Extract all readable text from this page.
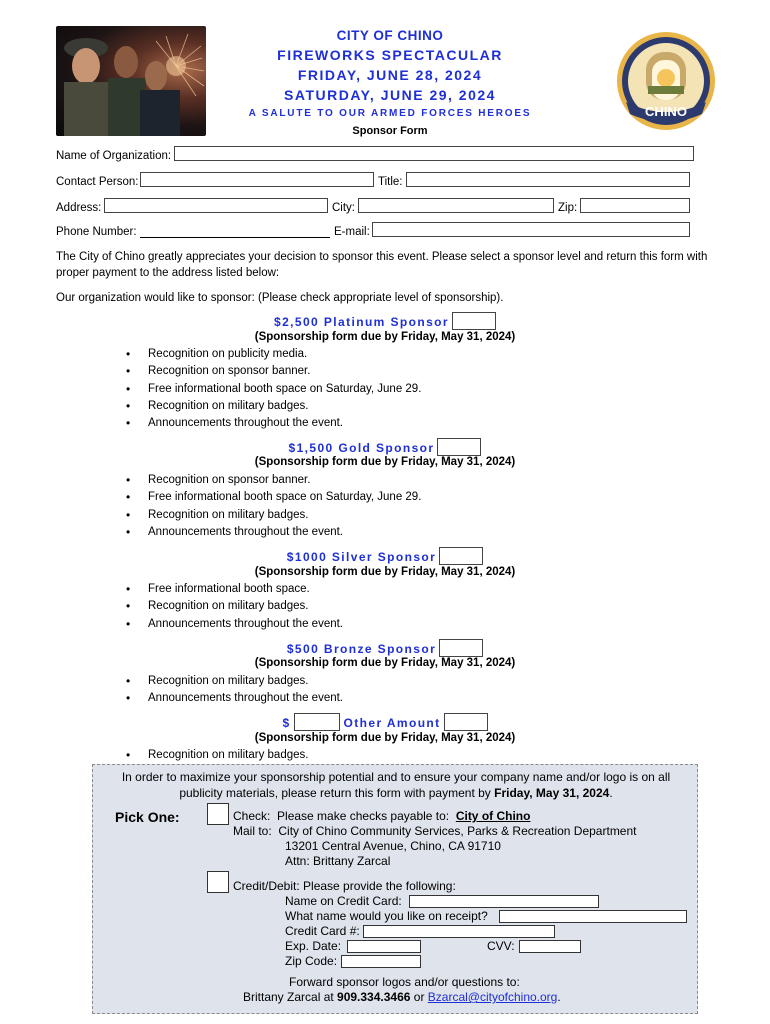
CHINO
CITY OF CHINO
FIREWORKS SPECTACULAR
FRIDAY, JUNE 28, 2024
SATURDAY, JUNE 29, 2024
A SALUTE TO OUR ARMED FORCES HEROES
Sponsor Form
Name of Organization:
Contact Person:	Title:
Address:	City:	Zip:
Phone Number:	E-mail:
The City of Chino greatly appreciates your decision to sponsor this event. Please select a sponsor level and return this form with proper payment to the address listed below:
Our organization would like to sponsor: (Please check appropriate level of sponsorship).
$2,500 Platinum Sponsor
(Sponsorship form due by Friday, May 31, 2024)
• Recognition on publicity media.
• Recognition on sponsor banner.
• Free informational booth space on Saturday, June 29.
• Recognition on military badges.
• Announcements throughout the event.
$1,500 Gold Sponsor
(Sponsorship form due by Friday, May 31, 2024)
• Recognition on sponsor banner.
• Free informational booth space on Saturday, June 29.
• Recognition on military badges.
• Announcements throughout the event.
$1000 Silver Sponsor
(Sponsorship form due by Friday, May 31, 2024)
• Free informational booth space.
• Recognition on military badges.
• Announcements throughout the event.
$500 Bronze Sponsor
(Sponsorship form due by Friday, May 31, 2024)
• Recognition on military badges.
• Announcements throughout the event.
$	Other Amount
(Sponsorship form due by Friday, May 31, 2024)
• Recognition on military badges.
In order to maximize your sponsorship potential and to ensure your company name and/or logo is on all
publicity materials, please return this form with payment by Friday, May 31, 2024.
Pick One:	Check: Please make checks payable to: City of Chino
Mail to: City of Chino Community Services, Parks & Recreation Department
13201 Central Avenue, Chino, CA 91710
Attn: Brittany Zarcal
Credit/Debit: Please provide the following:
Name on Credit Card:
What name would you like on receipt?
Credit Card #:
Exp. Date:	CVV:
Zip Code:
Forward sponsor logos and/or questions to:
Brittany Zarcal at 909.334.3466 or Bzarcal@cityofchino.org.
